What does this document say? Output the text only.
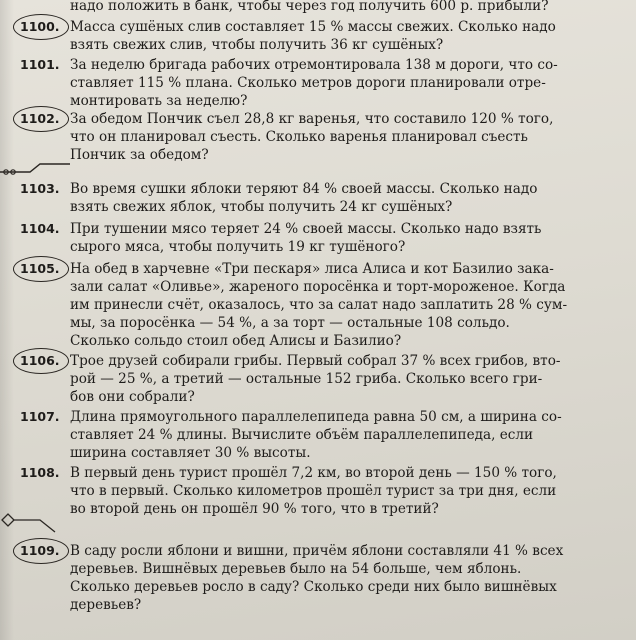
надо положить в банк, чтобы через год получить 600 р. прибыли?
1100. Масса сушёных слив составляет 15 % массы свежих. Сколько надо
взять свежих слив, чтобы получить 36 кг сушёных?
1101. За неделю бригада рабочих отремонтировала 138 м дороги, что со-
ставляет 115 % плана. Сколько метров дороги планировали отре-
монтировать за неделю?
1102. За обедом Пончик съел 28,8 кг варенья, что составило 120 % того,
что он планировал съесть. Сколько варенья планировал съесть
Пончик за обедом?
1103. Во время сушки яблоки теряют 84 % своей массы. Сколько надо
взять свежих яблок, чтобы получить 24 кг сушёных?
1104. При тушении мясо теряет 24 % своей массы. Сколько надо взять
сырого мяса, чтобы получить 19 кг тушёного?
1105. На обед в харчевне «Три пескаря» лиса Алиса и кот Базилио зака-
зали салат «Оливье», жареного поросёнка и торт-мороженое. Когда
им принесли счёт, оказалось, что за салат надо заплатить 28 % сум-
мы, за поросёнка — 54 %, а за торт — остальные 108 сольдо.
Сколько сольдо стоил обед Алисы и Базилио?
1106. Трое друзей собирали грибы. Первый собрал 37 % всех грибов, вто-
рой — 25 %, а третий — остальные 152 гриба. Сколько всего гри-
бов они собрали?
1107. Длина прямоугольного параллелепипеда равна 50 см, а ширина со-
ставляет 24 % длины. Вычислите объём параллелепипеда, если
ширина составляет 30 % высоты.
1108. В первый день турист прошёл 7,2 км, во второй день — 150 % того,
что в первый. Сколько километров прошёл турист за три дня, если
во второй день он прошёл 90 % того, что в третий?
1109. В саду росли яблони и вишни, причём яблони составляли 41 % всех
деревьев. Вишнёвых деревьев было на 54 больше, чем яблонь.
Сколько деревьев росло в саду? Сколько среди них было вишнёвых
деревьев?
